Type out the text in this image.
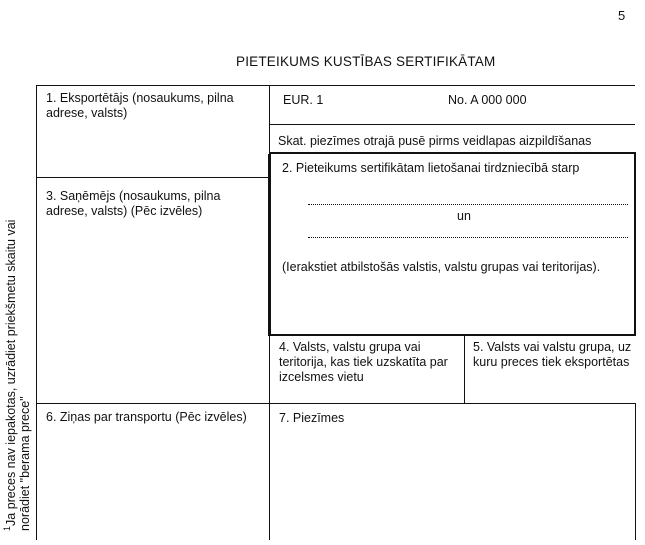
5
PIETEIKUMS KUSTĪBAS SERTIFIKĀTAM
$^1$Ja preces nav iepakotas, uzrādiet priekšmetu skaitu vai norādiet "berama prece"
1. Eksportētājs (nosaukums, pilna adrese, valsts)
EUR. 1	No. A 000 000
Skat. piezīmes otrajā pusē pirms veidlapas aizpildīšanas
2. Pieteikums sertifikātam lietošanai tirdzniecībā starp
un
(Ierakstiet atbilstošās valstis, valstu grupas vai teritorijas).
3. Saņēmējs (nosaukums, pilna adrese, valsts) (Pēc izvēles)
4. Valsts, valstu grupa vai teritorija, kas tiek uzskatīta par izcelsmes vietu
5. Valsts vai valstu grupa, uz kuru preces tiek eksportētas
6. Ziņas par transportu (Pēc izvēles)	7. Piezīmes
